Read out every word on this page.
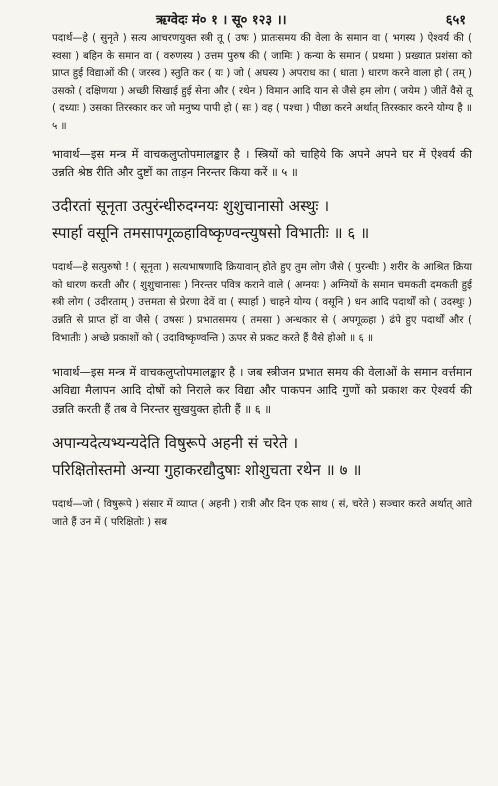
ऋग्वेदः मं० १ । सू० १२३ ।।	६५१

पदार्थ—हे ( सुनृते ) सत्य आचरणयुक्त स्त्री तू ( उषः ) प्रातःसमय की वेला के समान वा ( भगस्य ) ऐश्वर्य की ( स्वसा ) बहिन के समान वा ( वरुणस्य ) उत्तम पुरुष की ( जामिः ) कन्या के समान ( प्रथमा ) प्रख्यात प्रशंसा को प्राप्त हुई विद्याओं की ( जरस्व ) स्तुति कर ( यः ) जो ( अघस्य ) अपराध का ( धाता ) धारण करने वाला हो ( तम् ) उसको ( दक्षिणया ) अच्छी सिखाई हुई सेना और ( रथेन ) विमान आदि यान से जैसे हम लोग ( जयेम ) जीतें वैसे तू ( दध्याः ) उसका तिरस्कार कर जो मनुष्य पापी हो ( सः ) वह ( पश्चा ) पीछा करने अर्थात् तिरस्कार करने योग्य है ॥ ५ ॥

भावार्थ—इस मन्त्र में वाचकलुप्तोपमालङ्कार है । स्त्रियों को चाहिये कि अपने अपने घर में ऐश्वर्य की उन्नति श्रेष्ठ रीति और दुष्टों का ताड़न निरन्तर किया करें ॥ ५ ॥

उदीरतां सूनृता उत्पुरंन्धीरुदग्नयः शुशुचानासो अस्थुः ।

स्पार्हा वसूनि तमसापगूळ्हाविष्कृण्वन्त्युषसो विभातीः ॥ ६ ॥

पदार्थ—हे सत्पुरुषो ! ( सूनृता ) सत्यभाषणादि क्रियावान् होते हुए तुम लोग जैसे ( पुरन्धीः ) शरीर के आश्रित क्रिया को धारण करती और ( शुशुचानासः ) निरन्तर पवित्र कराने वाले ( अग्नयः ) अग्नियों के समान चमकती दमकती हुई स्त्री लोग ( उदीरताम् ) उत्तमता से प्रेरणा देवें वा ( स्पार्हा ) चाहने योग्य ( वसूनि ) धन आदि पदार्थों को ( उदस्थुः ) उन्नति से प्राप्त हों वा जैसे ( उषसः ) प्रभातसमय ( तमसा ) अन्धकार से ( अपगूळ्हा ) ढंपे हुए पदार्थों और ( विभातीः ) अच्छे प्रकाशों को ( उदाविष्कृण्वन्ति ) ऊपर से प्रकट करते हैं वैसे होओ ॥ ६ ॥

भावार्थ—इस मन्त्र में वाचकलुप्तोपमालङ्कार है । जब स्त्रीजन प्रभात समय की वेलाओं के समान वर्त्तमान अविद्या मैलापन आदि दोषों को निराले कर विद्या और पाकपन आदि गुणों को प्रकाश कर ऐश्वर्य की उन्नति करती हैं तब वे निरन्तर सुखयुक्त होती हैं ॥ ६ ॥

अपान्यदेत्यभ्यन्यदेति विषुरूपे अहनी सं चरेते ।

परिक्षितोस्तमो अन्या गुहाकरद्यौदुषाः शोशुचता रथेन ॥ ७ ॥

पदार्थ—जो ( विषुरूपे ) संसार में व्याप्त ( अहनी ) रात्री और दिन एक साथ ( सं, चरेते ) सञ्चार करते अर्थात् आते जाते हैं उन में ( परिक्षितोः ) सब
